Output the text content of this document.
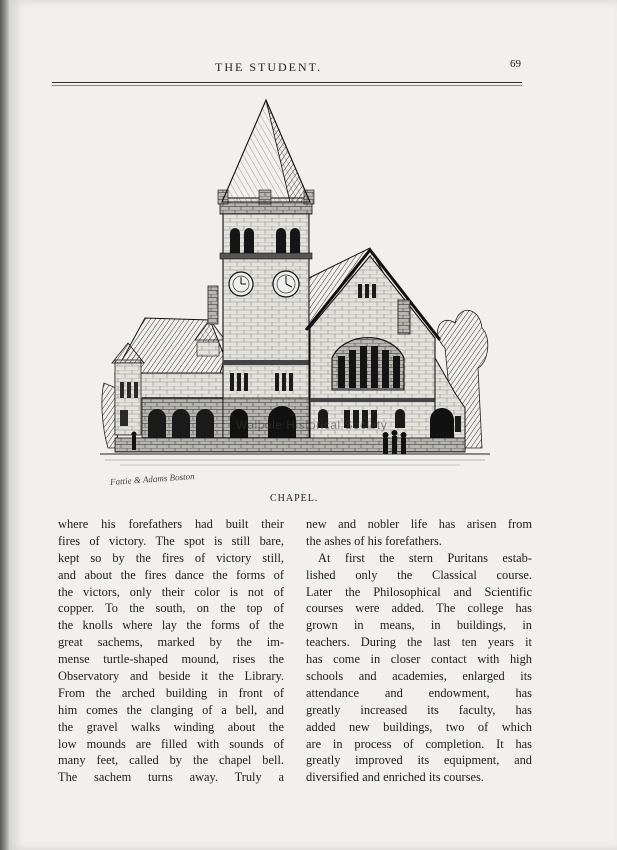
THE STUDENT.	69
Walpole Historical Society
Fattie & Adams Boston
CHAPEL.
where his forefathers had built their
fires of victory. The spot is still bare,
kept so by the fires of victory still,
and about the fires dance the forms of
the victors, only their color is not of
copper. To the south, on the top of
the knolls where lay the forms of the
great sachems, marked by the im-
mense turtle-shaped mound, rises the
Observatory and beside it the Library.
From the arched building in front of
him comes the clanging of a bell, and
the gravel walks winding about the
low mounds are filled with sounds of
many feet, called by the chapel bell.
The sachem turns away. Truly a
new and nobler life has arisen from
the ashes of his forefathers.
At first the stern Puritans estab-
lished only the Classical course.
Later the Philosophical and Scientific
courses were added. The college has
grown in means, in buildings, in
teachers. During the last ten years it
has come in closer contact with high
schools and academies, enlarged its
attendance and endowment, has
greatly increased its faculty, has
added new buildings, two of which
are in process of completion. It has
greatly improved its equipment, and
diversified and enriched its courses.
